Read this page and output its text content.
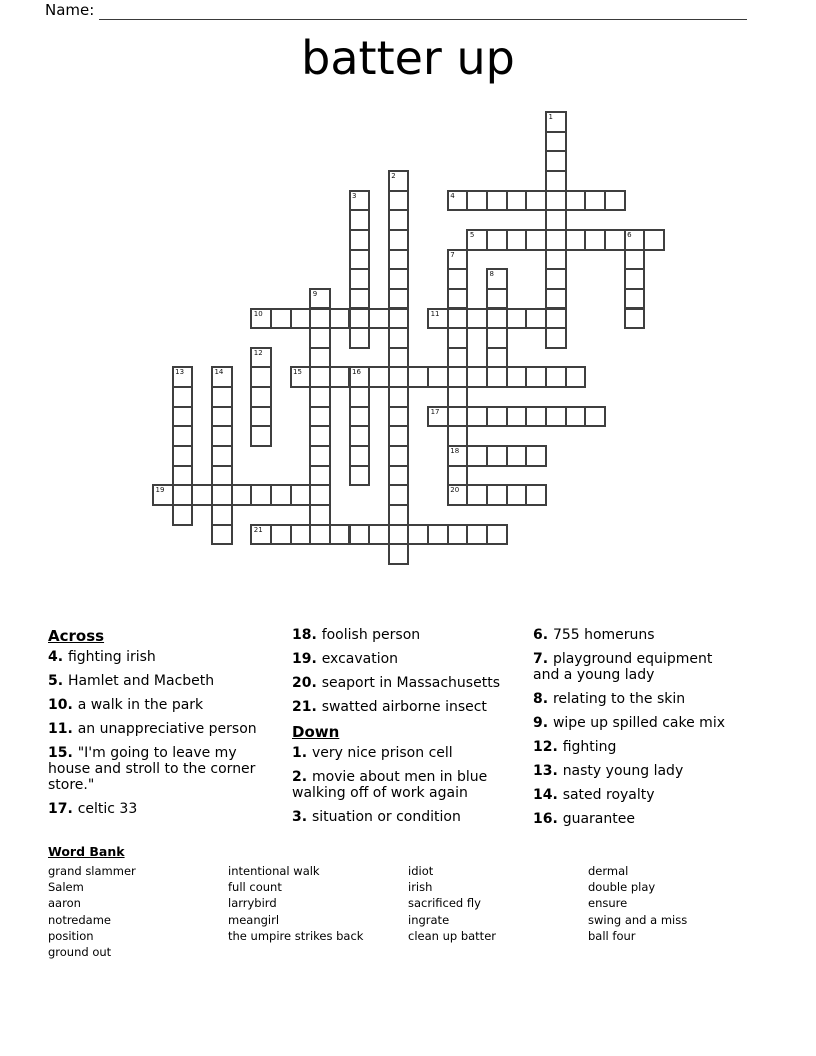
Name:
batter up
4
5	6
10	11
15	16
17
18
19	20
21
1
2
3
7
8
9
12
13	14
Across
4. fighting irish
5. Hamlet and Macbeth
10. a walk in the park
11. an unappreciative person
15. "I'm going to leave my house and stroll to the corner store."
17. celtic 33
18. foolish person
19. excavation
20. seaport in Massachusetts
21. swatted airborne insect
Down
1. very nice prison cell
2. movie about men in blue walking off of work again
3. situation or condition
6. 755 homeruns
7. playground equipment and a young lady
8. relating to the skin
9. wipe up spilled cake mix
12. fighting
13. nasty young lady
14. sated royalty
16. guarantee
Word Bank
grand slammer
Salem
aaron
notredame
position
ground out
intentional walk
full count
larrybird
meangirl
the umpire strikes back
idiot
irish
sacrificed fly
ingrate
clean up batter
dermal
double play
ensure
swing and a miss
ball four
